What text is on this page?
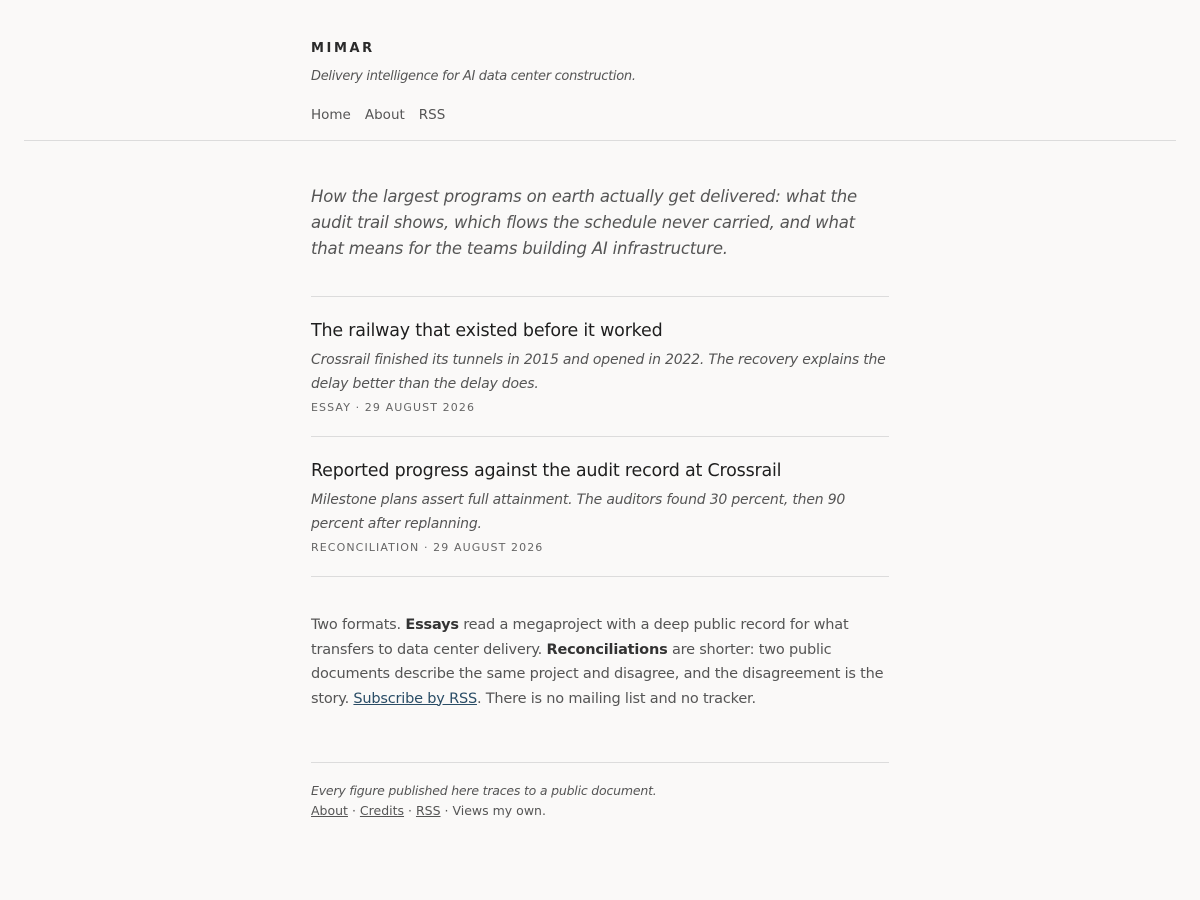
MIMAR
Delivery intelligence for AI data center construction.
Home About RSS

How the largest programs on earth actually get delivered: what the audit trail shows, which flows the schedule never carried, and what that means for the teams building AI infrastructure.

The railway that existed before it worked

Crossrail finished its tunnels in 2015 and opened in 2022. The recovery explains the delay better than the delay does.

ESSAY · 29 AUGUST 2026
Reported progress against the audit record at Crossrail

Milestone plans assert full attainment. The auditors found 30 percent, then 90 percent after replanning.

RECONCILIATION · 29 AUGUST 2026

Two formats. Essays read a megaproject with a deep public record for what transfers to data center delivery. Reconciliations are shorter: two public documents describe the same project and disagree, and the disagreement is the story. Subscribe by RSS. There is no mailing list and no tracker.

Every figure published here traces to a public document.
About · Credits · RSS · Views my own.
